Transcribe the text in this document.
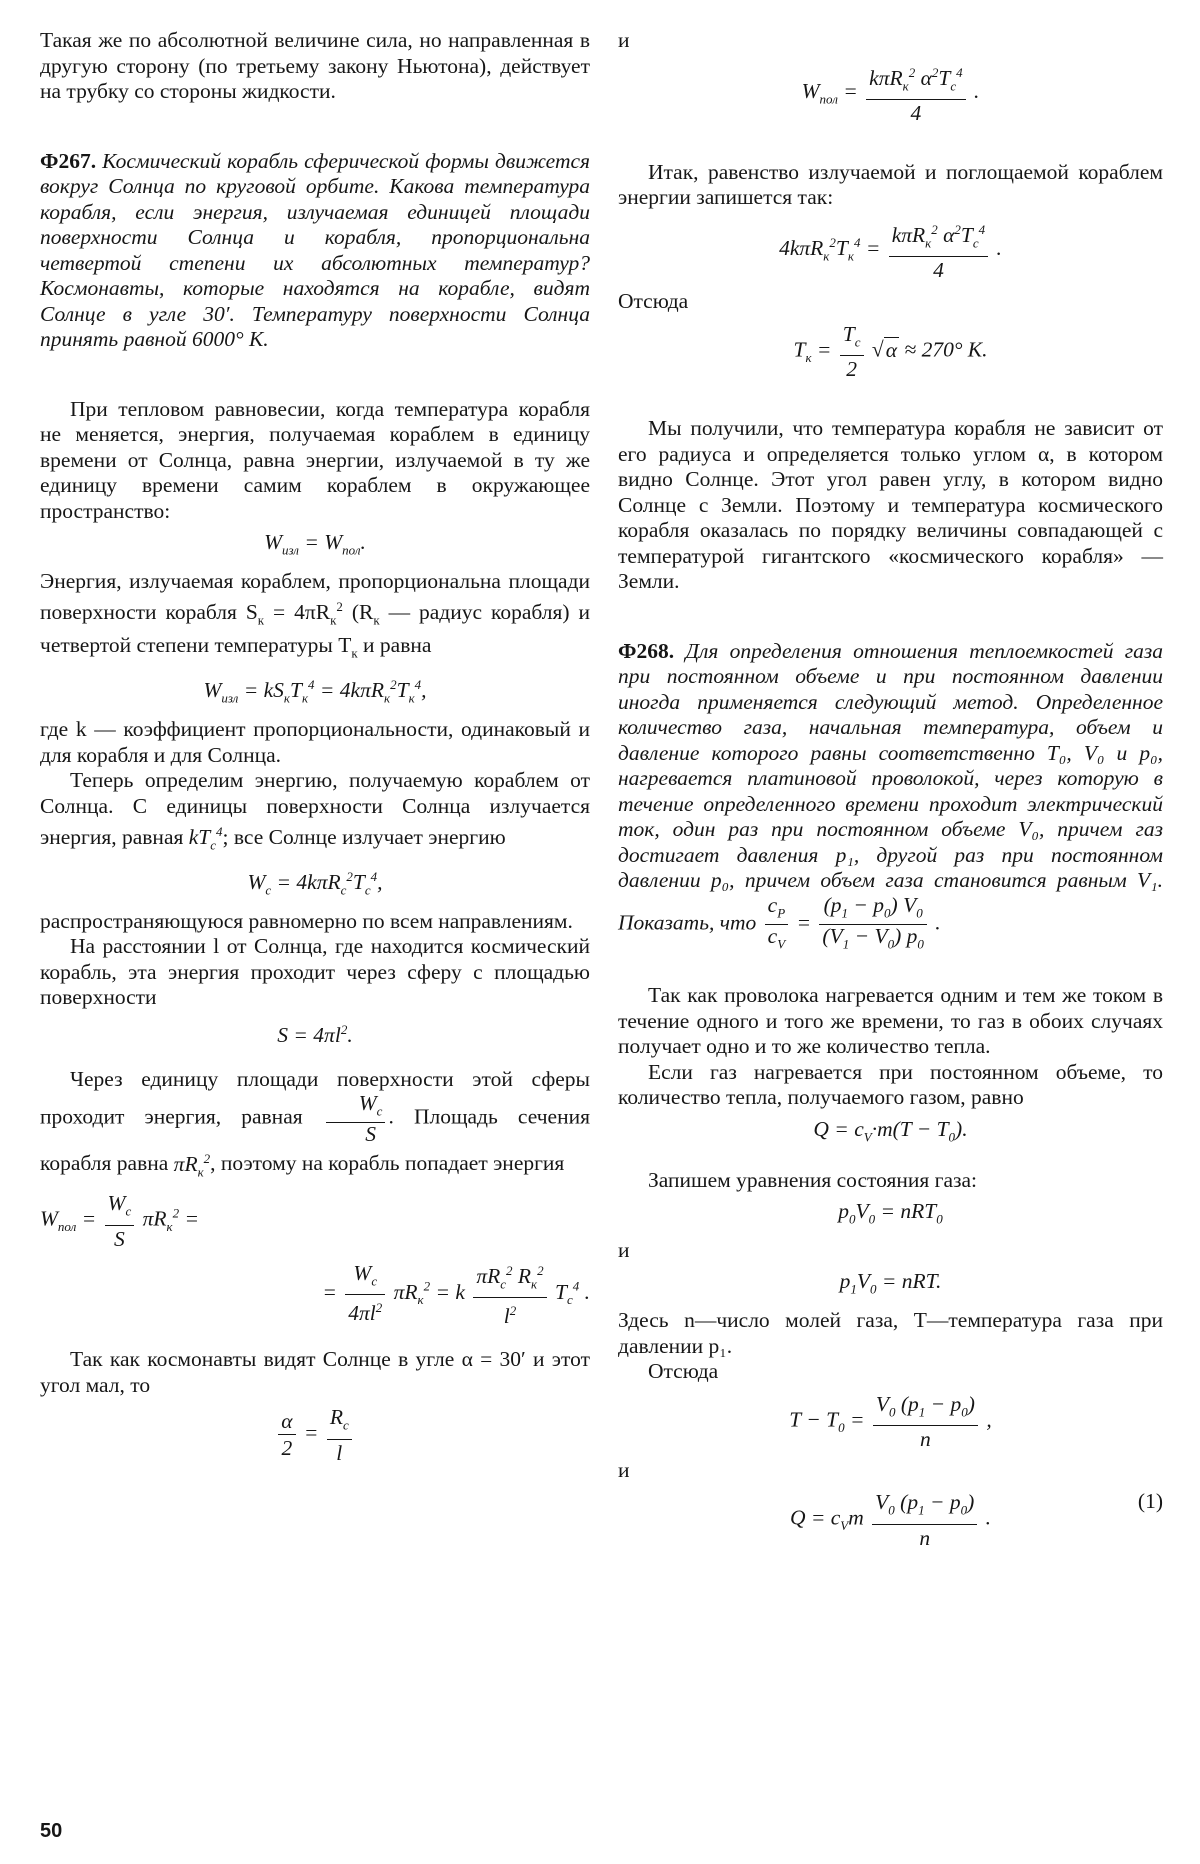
Такая же по абсолютной величине сила, но направленная в другую сторону (по третьему закону Ньютона), действует на трубку со стороны жидкости.

Ф267. Космический корабль сферической формы движется вокруг Солнца по круговой орбите. Какова температура корабля, если энергия, излучаемая единицей площади поверхности Солнца и корабля, пропорциональна четвертой степени их абсолютных температур? Космонавты, которые находятся на корабле, видят Солнце в угле 30′. Температуру поверхности Солнца принять равной 6000° K.

При тепловом равновесии, когда температура корабля не меняется, энергия, получаемая кораблем в единицу времени от Солнца, равна энергии, излучаемой в ту же единицу времени самим кораблем в окружающее пространство:

$W_{изл} = W_{пол}$.

Энергия, излучаемая кораблем, пропорциональна площади поверхности корабля $S_к = 4\pi R_к^2$ ($R_к$ — радиус корабля) и четвертой степени температуры $T_к$ и равна

$W_{изл} = kS_кT_к^4 = 4k\pi R_к^2T_к^4$,

где k — коэффициент пропорциональности, одинаковый и для корабля и для Солнца.

Теперь определим энергию, получаемую кораблем от Солнца. С единицы поверхности Солнца излучается энергия, равная $kT_c^4$; все Солнце излучает энергию

$W_c = 4k\pi R_c^2T_c^4$,

распространяющуюся равномерно по всем направлениям.

На расстоянии l от Солнца, где находится космический корабль, эта энергия проходит через сферу с площадью поверхности

$S = 4\pi l^2$.

Через единицу площади поверхности этой сферы проходит энергия, равная $\frac{W_c}{S}$ . Площадь сечения корабля равна $\pi R_к^2$, поэтому на корабль попадает энергия

$W_{пол} = \frac{W_c}{S} \pi R_к^2$ =
= $\frac{W_c}{4\pi l^2} \pi R_к^2 = k \frac{\pi R_c^2 R_к^2}{l^2} T_c^4$ .

Так как космонавты видят Солнце в угле α = 30′ и этот угол мал, то

$\frac{\alpha}{2} = \frac{R_c}{l}$

и

$W_{пол} = \frac{k\pi R_к^2 \alpha^2T_c^4}{4}$ .

Итак, равенство излучаемой и поглощаемой кораблем энергии запишется так:

$4k\pi R_к^2T_к^4 = \frac{k\pi R_к^2 \alpha^2T_c^4}{4}$ .

Отсюда

$T_к = \frac{T_c}{2} √\alpha \approx 270^\circ$ K.

Мы получили, что температура корабля не зависит от его радиуса и определяется только углом α, в котором видно Солнце. Этот угол равен углу, в котором видно Солнце с Земли. Поэтому и температура космического корабля оказалась по порядку величины совпадающей с температурой гигантского «космического корабля» — Земли.

Ф268. Для определения отношения теплоемкостей газа при постоянном объеме и при постоянном давлении иногда применяется следующий метод. Определенное количество газа, начальная температура, объем и давление которого равны соответственно T₀, V₀ и p₀, нагревается платиновой проволокой, через которую в течение определенного времени проходит электрический ток, один раз при постоянном объеме V₀, причем газ достигает давления p₁, другой раз при постоянном давлении p₀, причем объем газа становится равным V₁. Показать, что $\frac{c_P}{c_V} = \frac{(p_1 - p_0) V_0}{(V_1 - V_0) p_0}$ .

Так как проволока нагревается одним и тем же током в течение одного и того же времени, то газ в обоих случаях получает одно и то же количество тепла.

Если газ нагревается при постоянном объеме, то количество тепла, получаемого газом, равно

$Q = c_V\cdot m(T - T_0)$.

Запишем уравнения состояния газа:

$p_0V_0 = nRT_0$

и

$p_1V_0$ = nRT.

Здесь n—число молей газа, T—температура газа при давлении p₁.

Отсюда

$T - T_0 = \frac{V_0 (p_1 - p_0)}{n}$ ,

и

$Q = c_Vm \frac{V_0 (p_1 - p_0)}{n}$ .
(1)
50
